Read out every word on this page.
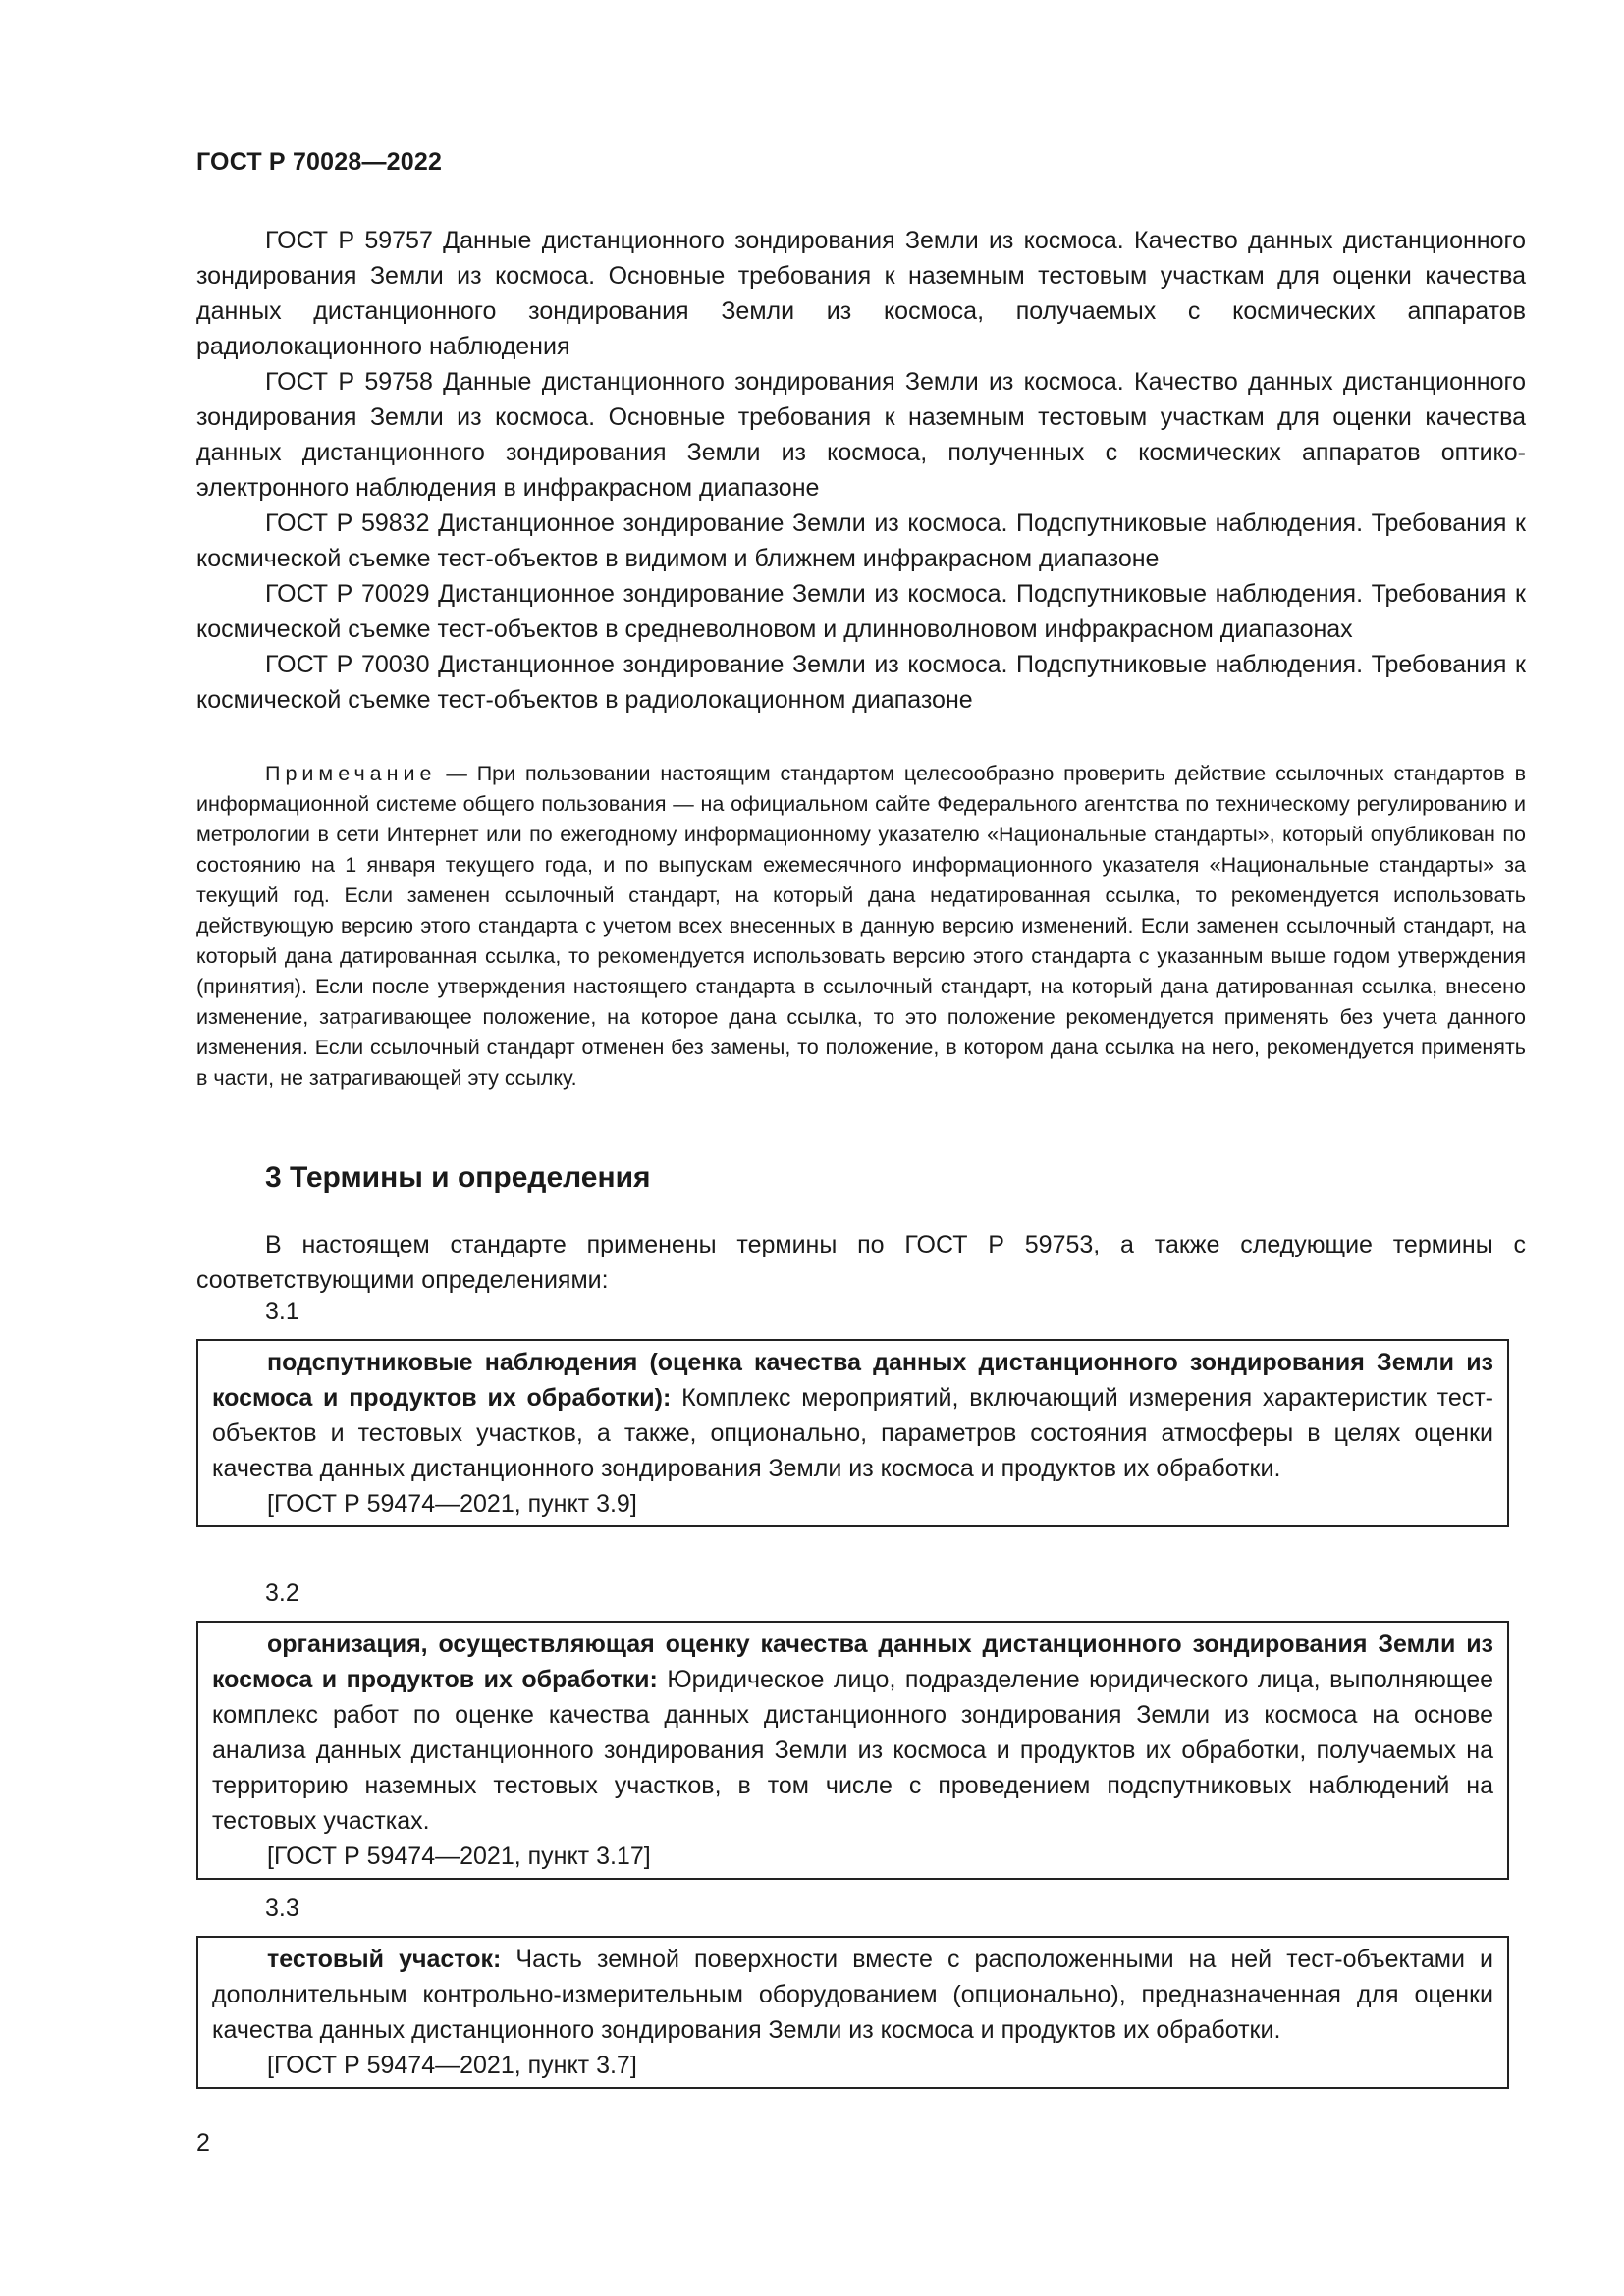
ГОСТ Р 70028—2022

ГОСТ Р 59757 Данные дистанционного зондирования Земли из космоса. Качество данных дистанционного зондирования Земли из космоса. Основные требования к наземным тестовым участкам для оценки качества данных дистанционного зондирования Земли из космоса, получаемых с космических аппаратов радиолокационного наблюдения

ГОСТ Р 59758 Данные дистанционного зондирования Земли из космоса. Качество данных дистанционного зондирования Земли из космоса. Основные требования к наземным тестовым участкам для оценки качества данных дистанционного зондирования Земли из космоса, полученных с космических аппаратов оптико-электронного наблюдения в инфракрасном диапазоне

ГОСТ Р 59832 Дистанционное зондирование Земли из космоса. Подспутниковые наблюдения. Требования к космической съемке тест-объектов в видимом и ближнем инфракрасном диапазоне

ГОСТ Р 70029 Дистанционное зондирование Земли из космоса. Подспутниковые наблюдения. Требования к космической съемке тест-объектов в средневолновом и длинноволновом инфракрасном диапазонах

ГОСТ Р 70030 Дистанционное зондирование Земли из космоса. Подспутниковые наблюдения. Требования к космической съемке тест-объектов в радиолокационном диапазоне

Примечание — При пользовании настоящим стандартом целесообразно проверить действие ссылочных стандартов в информационной системе общего пользования — на официальном сайте Федерального агентства по техническому регулированию и метрологии в сети Интернет или по ежегодному информационному указателю «Национальные стандарты», который опубликован по состоянию на 1 января текущего года, и по выпускам ежемесячного информационного указателя «Национальные стандарты» за текущий год. Если заменен ссылочный стандарт, на который дана недатированная ссылка, то рекомендуется использовать действующую версию этого стандарта с учетом всех внесенных в данную версию изменений. Если заменен ссылочный стандарт, на который дана датированная ссылка, то рекомендуется использовать версию этого стандарта с указанным выше годом утверждения (принятия). Если после утверждения настоящего стандарта в ссылочный стандарт, на который дана датированная ссылка, внесено изменение, затрагивающее положение, на которое дана ссылка, то это положение рекомендуется применять без учета данного изменения. Если ссылочный стандарт отменен без замены, то положение, в котором дана ссылка на него, рекомендуется применять в части, не затрагивающей эту ссылку.

3 Термины и определения

В настоящем стандарте применены термины по ГОСТ Р 59753, а также следующие термины с соответствующими определениями:

3.1

подспутниковые наблюдения (оценка качества данных дистанционного зондирования Земли из космоса и продуктов их обработки): Комплекс мероприятий, включающий измерения характеристик тест-объектов и тестовых участков, а также, опционально, параметров состояния атмосферы в целях оценки качества данных дистанционного зондирования Земли из космоса и продуктов их обработки.

[ГОСТ Р 59474—2021, пункт 3.9]

3.2

организация, осуществляющая оценку качества данных дистанционного зондирования Земли из космоса и продуктов их обработки: Юридическое лицо, подразделение юридического лица, выполняющее комплекс работ по оценке качества данных дистанционного зондирования Земли из космоса на основе анализа данных дистанционного зондирования Земли из космоса и продуктов их обработки, получаемых на территорию наземных тестовых участков, в том числе с проведением подспутниковых наблюдений на тестовых участках.

[ГОСТ Р 59474—2021, пункт 3.17]

3.3

тестовый участок: Часть земной поверхности вместе с расположенными на ней тест-объектами и дополнительным контрольно-измерительным оборудованием (опционально), предназначенная для оценки качества данных дистанционного зондирования Земли из космоса и продуктов их обработки.

[ГОСТ Р 59474—2021, пункт 3.7]

2
